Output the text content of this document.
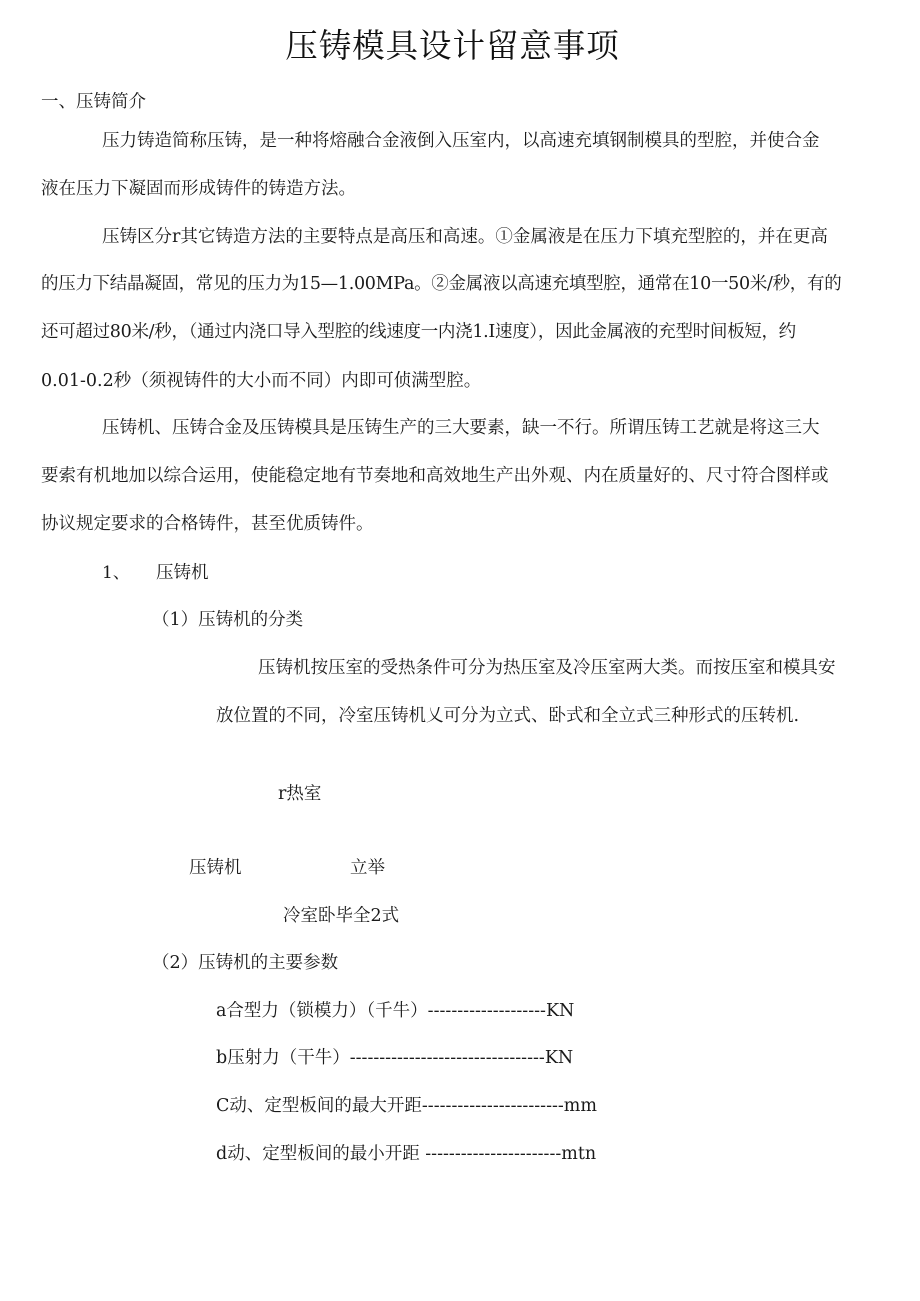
压铸模具设计留意事项
一、压铸简介
压力铸造简称压铸，是一种将熔融合金液倒入压室内，以高速充填钢制模具的型腔，并使合金
液在压力下凝固而形成铸件的铸造方法。
压铸区分r其它铸造方法的主要特点是高压和高速。①金属液是在压力下填充型腔的，并在更高
的压力下结晶凝固，常见的压力为15—1.00MPa。②金属液以高速充填型腔，通常在10一50米/秒，有的
还可超过80米/秒，（通过内浇口导入型腔的线速度一内浇1.I速度），因此金属液的充型时间板短，约
0.01-0.2秒（须视铸件的大小而不同）内即可侦满型腔。
压铸机、压铸合金及压铸模具是压铸生产的三大要素，缺一不行。所谓压铸工艺就是将这三大
要索有机地加以综合运用，使能稳定地有节奏地和高效地生产出外观、内在质量好的、尺寸符合图样或
协议规定要求的合格铸件，甚至优质铸件。
1、 压铸机
（1）压铸机的分类
压铸机按压室的受热条件可分为热压室及冷压室两大类。而按压室和模具安
放位置的不同，冷室压铸机乂可分为立式、卧式和全立式三种形式的压转机.
r热室
压铸机	立举
冷室卧毕全2式
（2）压铸机的主要参数
a合型力（锁模力）（千牛）--------------------KN
b压射力（干牛）---------------------------------KN
C动、定型板间的最大开距------------------------mm
d动、定型板间的最小开距 -----------------------mtn
